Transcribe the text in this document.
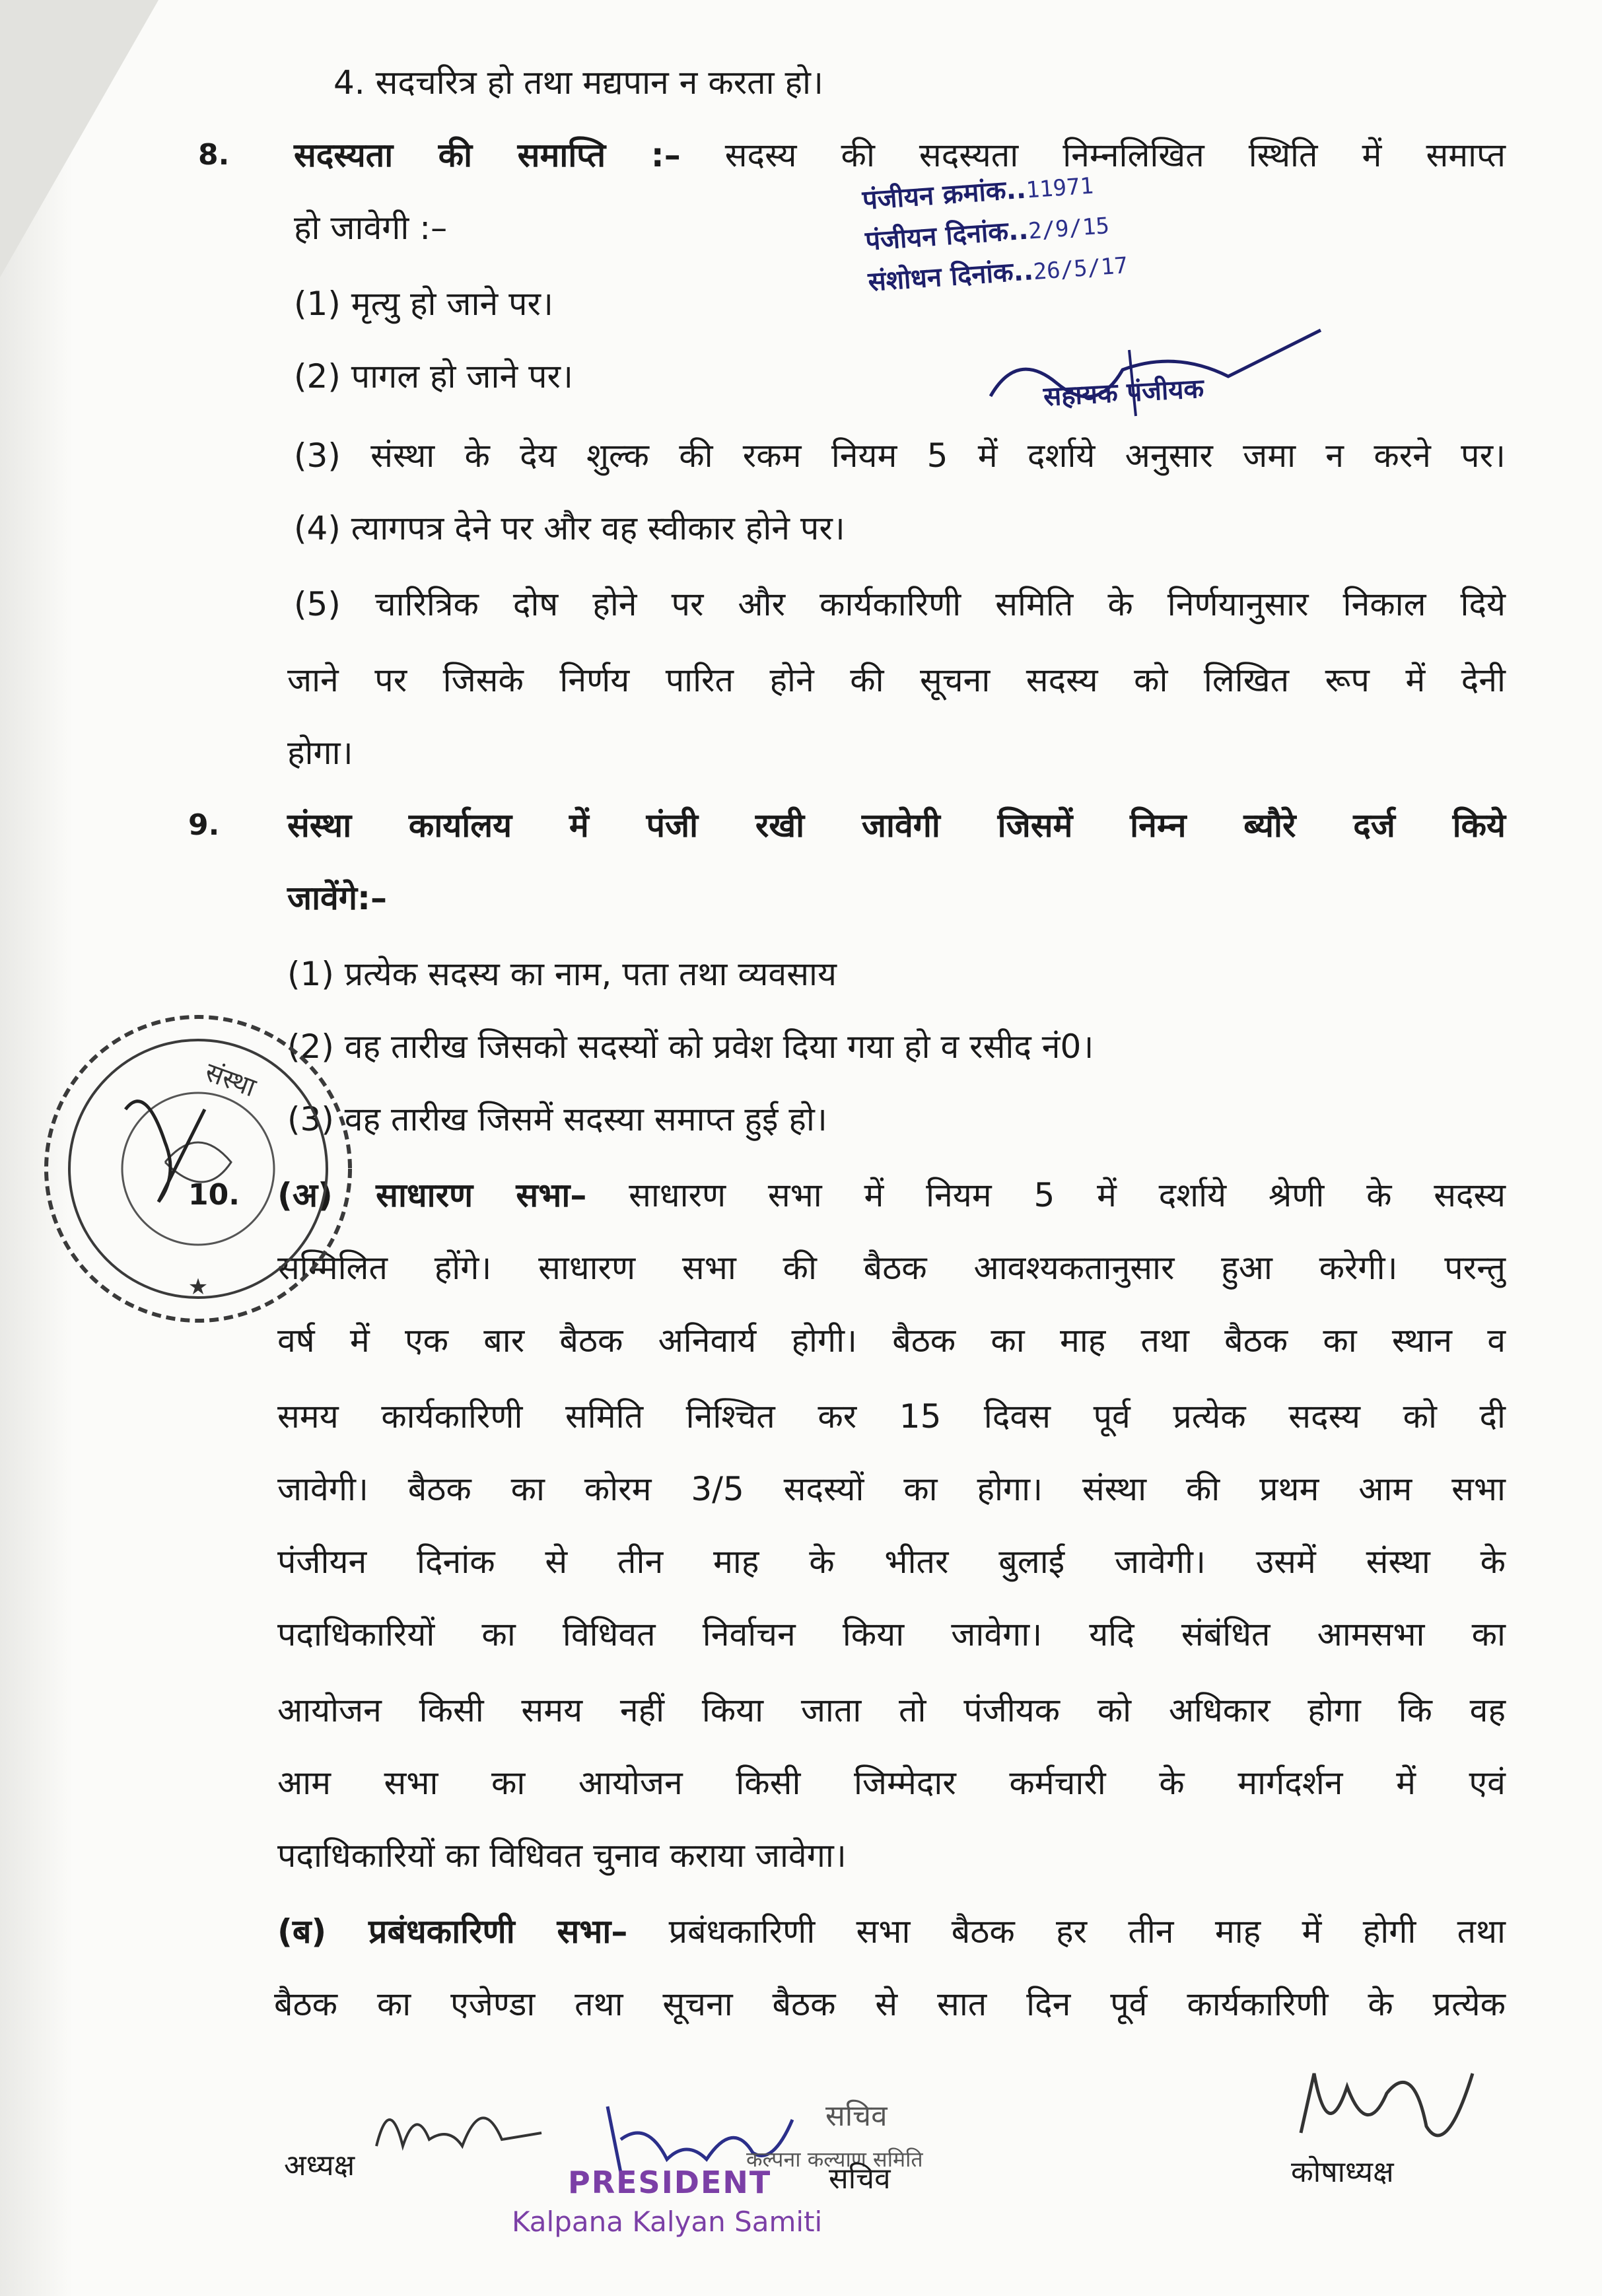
4. सदचरित्र हो तथा मद्यपान न करता हो।
8. सदस्यता की समाप्ति :– सदस्य की सदस्यता निम्नलिखित स्थिति में समाप्त
हो जावेगी :–
(1) मृत्यु हो जाने पर।
(2) पागल हो जाने पर।
(3) संस्था के देय शुल्क की रकम नियम 5 में दर्शाये अनुसार जमा न करने पर।
(4) त्यागपत्र देने पर और वह स्वीकार होने पर।
(5) चारित्रिक दोष होने पर और कार्यकारिणी समिति के निर्णयानुसार निकाल दिये
जाने पर जिसके निर्णय पारित होने की सूचना सदस्य को लिखित रूप में देनी
होगा।
9. संस्था कार्यालय में पंजी रखी जावेगी जिसमें निम्न ब्यौरे दर्ज किये
जावेंगे:–
(1) प्रत्येक सदस्य का नाम, पता तथा व्यवसाय
(2) वह तारीख जिसको सदस्यों को प्रवेश दिया गया हो व रसीद नं0।
(3) वह तारीख जिसमें सदस्या समाप्त हुई हो।
10. (अ) साधारण सभा– साधारण सभा में नियम 5 में दर्शाये श्रेणी के सदस्य
सम्मिलित होंगे। साधारण सभा की बैठक आवश्यकतानुसार हुआ करेगी। परन्तु
वर्ष में एक बार बैठक अनिवार्य होगी। बैठक का माह तथा बैठक का स्थान व
समय कार्यकारिणी समिति निश्चित कर 15 दिवस पूर्व प्रत्येक सदस्य को दी
जावेगी। बैठक का कोरम 3/5 सदस्यों का होगा। संस्था की प्रथम आम सभा
पंजीयन दिनांक से तीन माह के भीतर बुलाई जावेगी। उसमें संस्था के
पदाधिकारियों का विधिवत निर्वाचन किया जावेगा। यदि संबंधित आमसभा का
आयोजन किसी समय नहीं किया जाता तो पंजीयक को अधिकार होगा कि वह
आम सभा का आयोजन किसी जिम्मेदार कर्मचारी के मार्गदर्शन में एवं
पदाधिकारियों का विधिवत चुनाव कराया जावेगा।
(ब) प्रबंधकारिणी सभा– प्रबंधकारिणी सभा बैठक हर तीन माह में होगी तथा
बैठक का एजेण्डा तथा सूचना बैठक से सात दिन पूर्व कार्यकारिणी के प्रत्येक
पंजीयन क्रमांक..11971
पंजीयन दिनांक..2/9/15
संशोधन दिनांक..26/5/17
सहायक पंजीयक
संस्था
★
अध्यक्ष	PRESIDENT
Kalpana Kalyan Samiti
सचिव
कल्पना कल्याण समिति
सचिव	कोषाध्यक्ष
